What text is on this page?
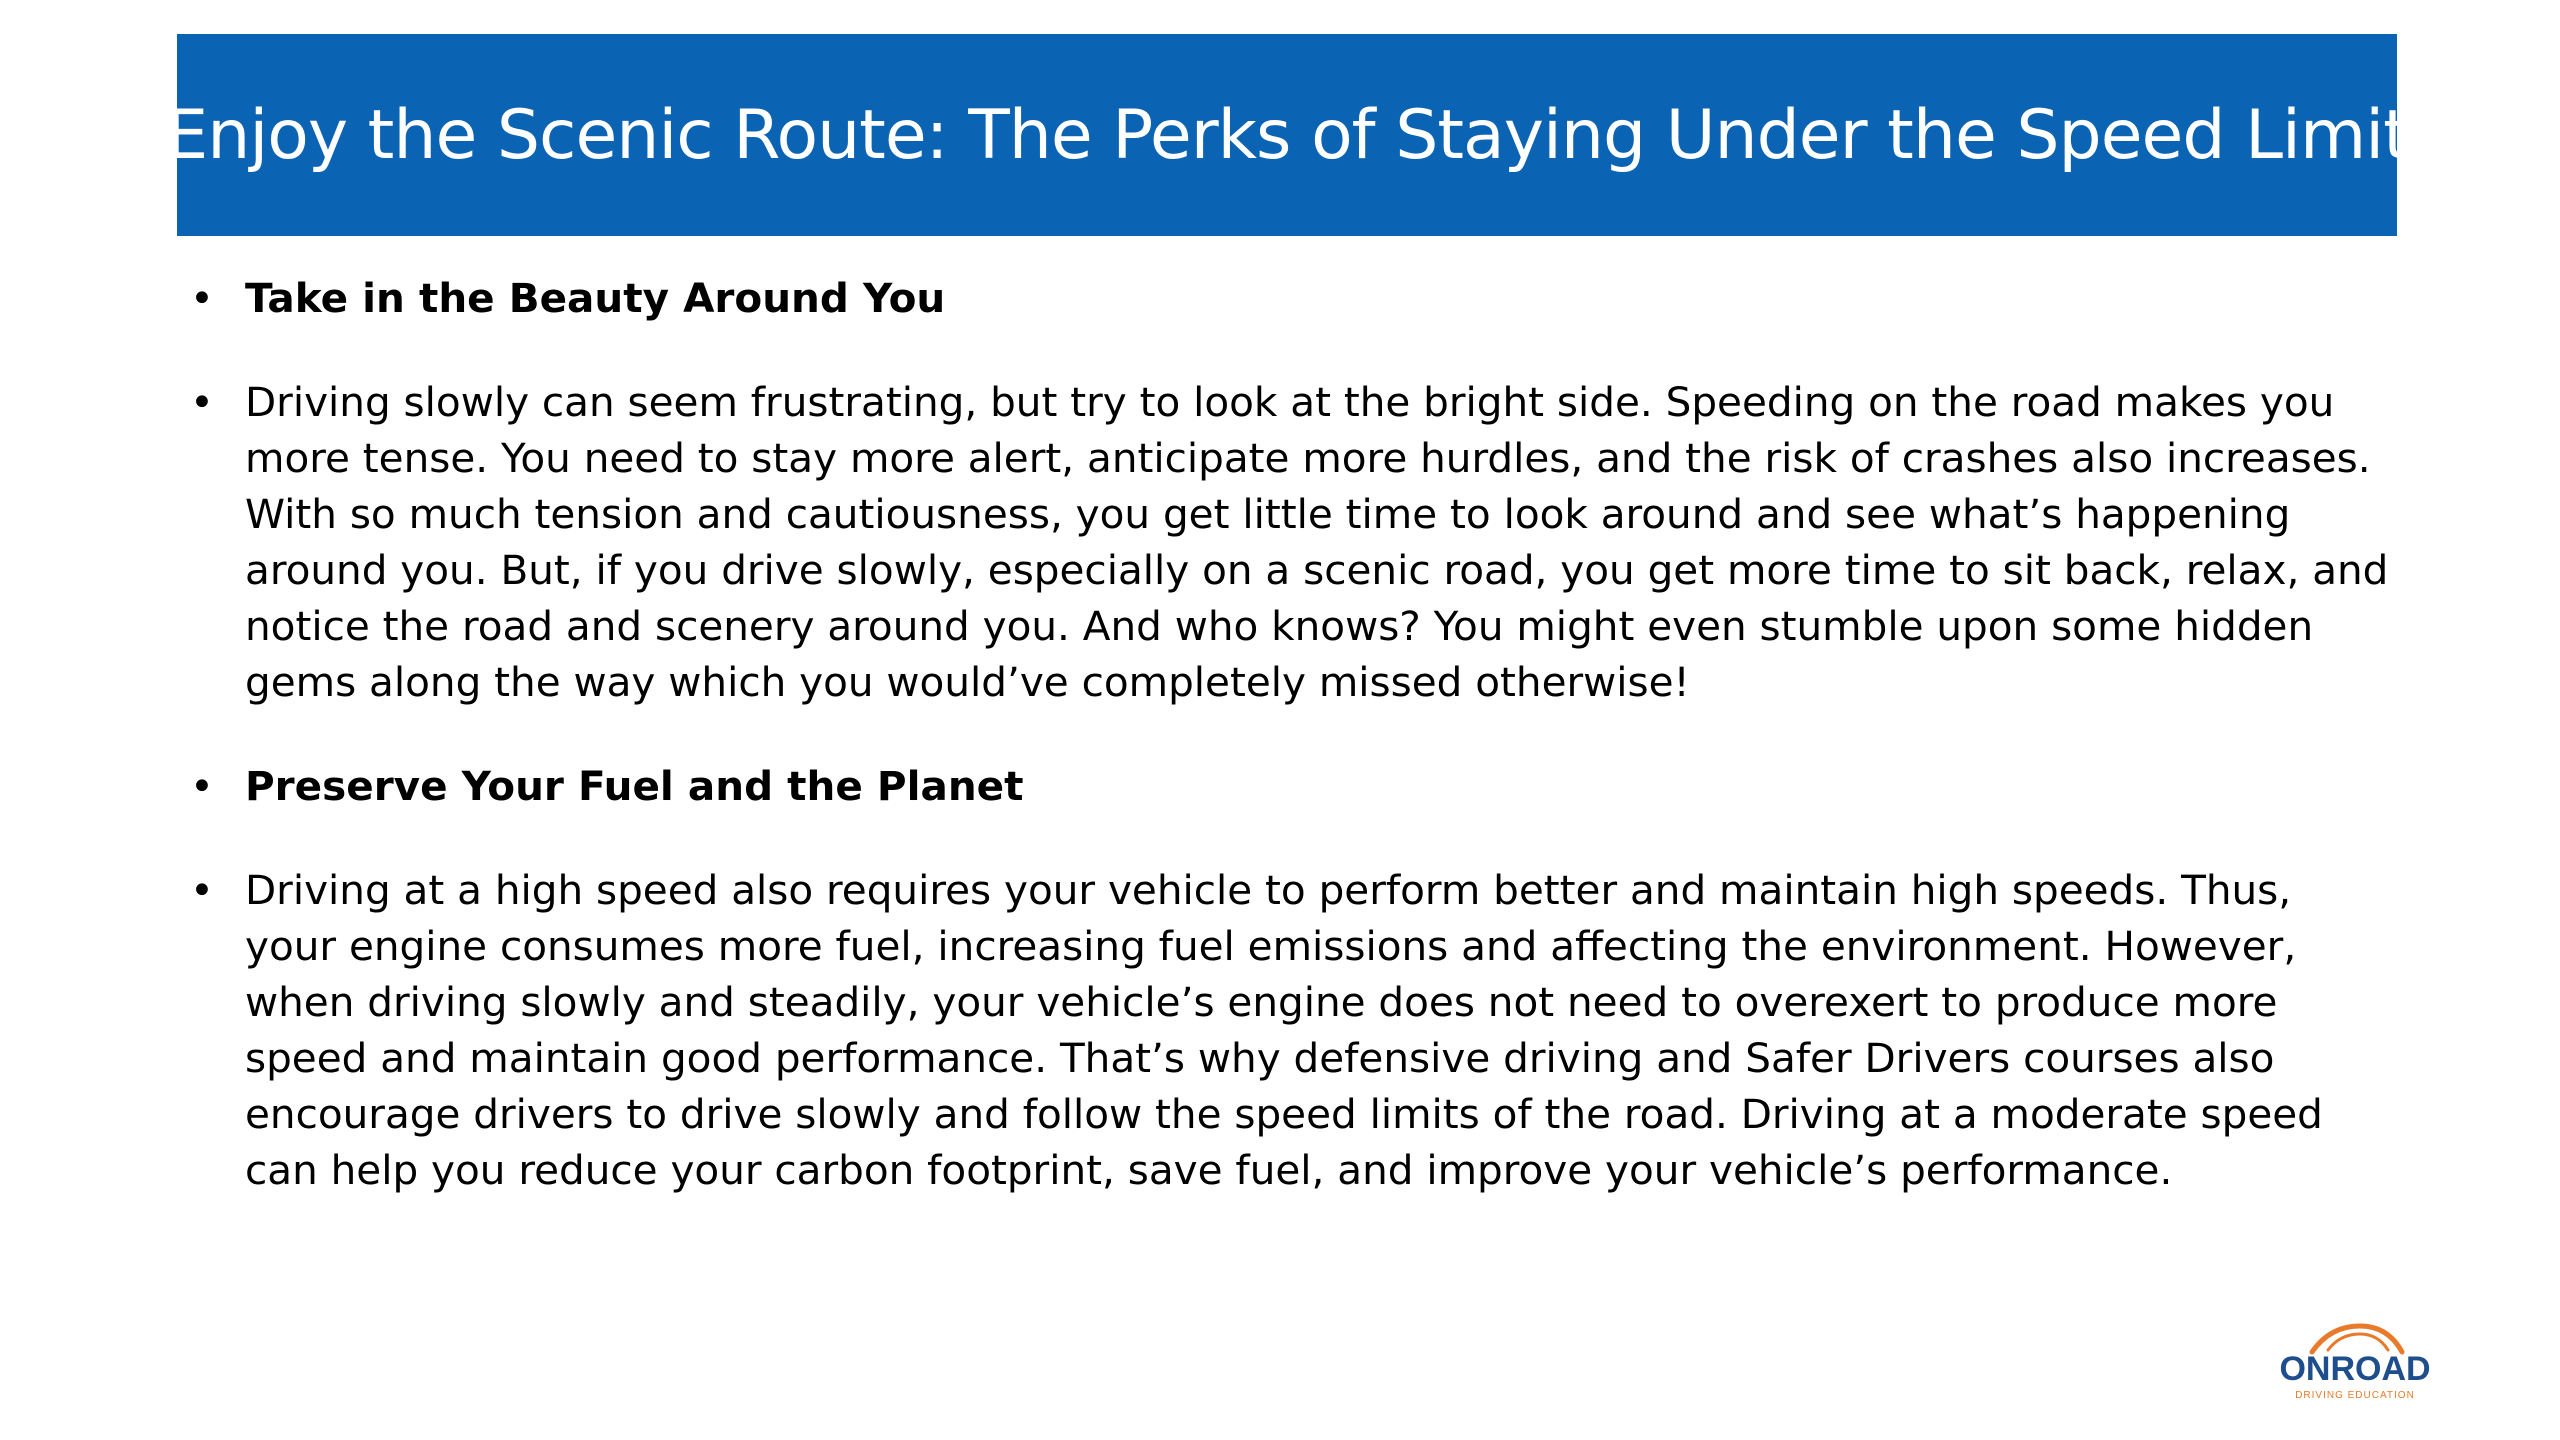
Enjoy the Scenic Route: The Perks of Staying Under the Speed Limit
• Take in the Beauty Around You
• Driving slowly can seem frustrating, but try to look at the bright side. Speeding on the road makes you more tense. You need to stay more alert, anticipate more hurdles, and the risk of crashes also increases. With so much tension and cautiousness, you get little time to look around and see what’s happening around you. But, if you drive slowly, especially on a scenic road, you get more time to sit back, relax, and notice the road and scenery around you. And who knows? You might even stumble upon some hidden gems along the way which you would’ve completely missed otherwise!
• Preserve Your Fuel and the Planet
• Driving at a high speed also requires your vehicle to perform better and maintain high speeds. Thus, your engine consumes more fuel, increasing fuel emissions and affecting the environment. However, when driving slowly and steadily, your vehicle’s engine does not need to overexert to produce more speed and maintain good performance. That’s why defensive driving and Safer Drivers courses also encourage drivers to drive slowly and follow the speed limits of the road. Driving at a moderate speed can help you reduce your carbon footprint, save fuel, and improve your vehicle’s performance.
ONROAD
DRIVING EDUCATION
